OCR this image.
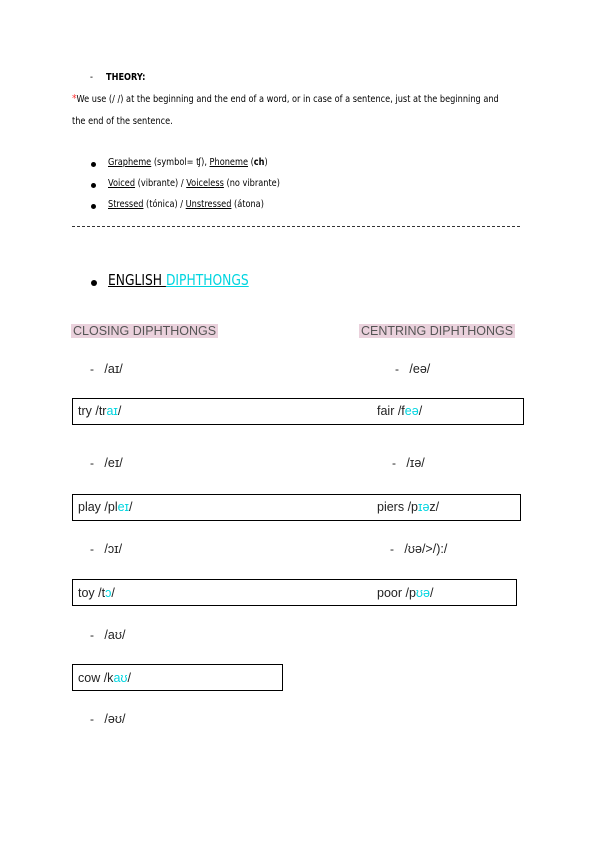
- THEORY:
*We use (/ /) at the beginning and the end of a word, or in case of a sentence, just at the beginning and
the end of the sentence.
Grapheme (symbol= ʧ), Phoneme (ch)
Voiced (vibrante) / Voiceless (no vibrante)
Stressed (tónica) / Unstressed (átona)
ENGLISH DIPHTHONGS
CLOSING DIPHTHONGS	CENTRING DIPHTHONGS
- /aɪ/
- /eɪ/
- /ɔɪ/
- /aʊ/
- /əʊ/
- /eə/
- /ɪə/
- /ʊə/>/):/
try /traɪ/
play /pleɪ/
toy /tɔ/
cow /kaʊ/
fair /feə/
piers /pɪəz/
poor /pʊə/
